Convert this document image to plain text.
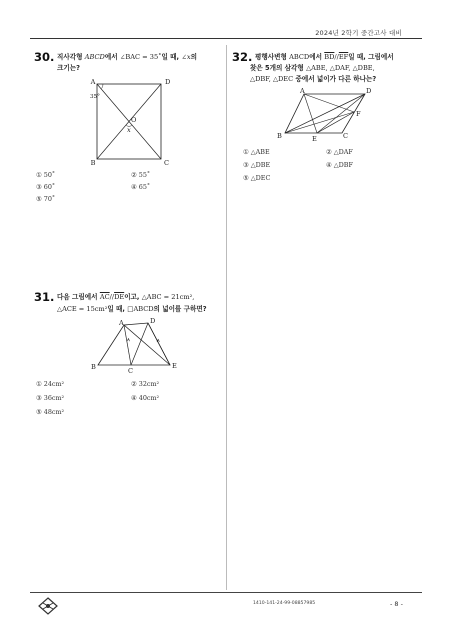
2024년 2학기 중간고사 대비
30. 직사각형 ABCD에서 ∠BAC = 35˚일 때, ∠x의
크기는?
A	D
B	C
O
x
35°
① 50˚	② 55˚
③ 60˚	④ 65˚
⑤ 70˚
31. 다음 그림에서 $\overline{AC}//\overline{DE}$이고, △ABC = 21cm²,
△ACE = 15cm²일 때, □ABCD의 넓이를 구하면?
A	D
B	C
E
① 24cm²	② 32cm²
③ 36cm²	④ 40cm²
⑤ 48cm²
32. 평행사변형 ABCD에서 $\overline{BD}//\overline{EF}$일 때, 그림에서
찾은 5개의 삼각형 △ABE, △DAF, △DBE,
△DBF, △DEC 중에서 넓이가 다른 하나는?
A	D
B	C
E
F
① △ABE	② △DAF
③ △DBE	④ △DBF
⑤ △DEC
1410-141-24-99-08857985	- 8 -
